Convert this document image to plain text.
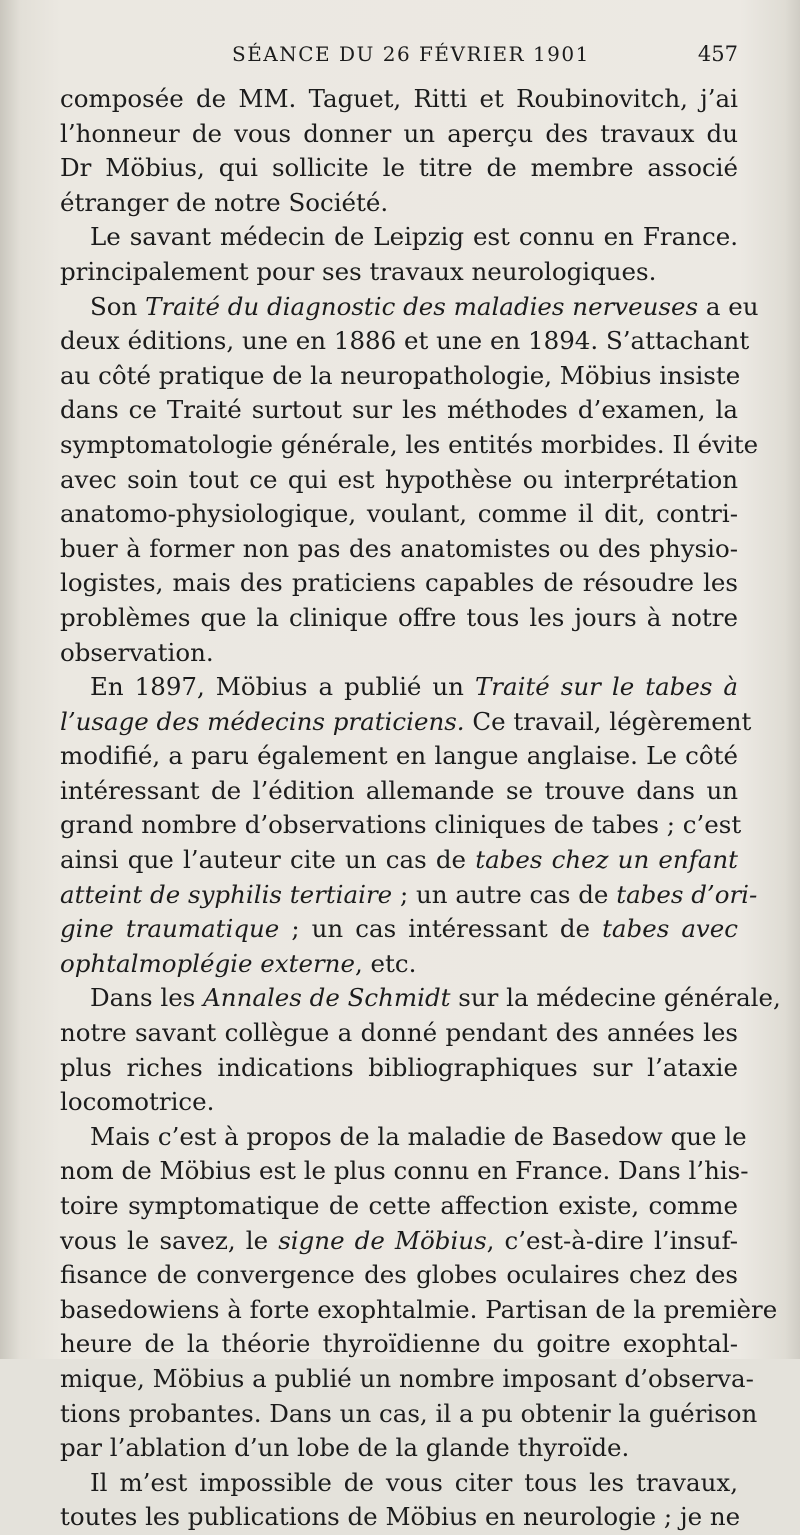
SÉANCE DU 26 FÉVRIER 1901	457
composée de MM. Taguet, Ritti et Roubinovitch, j’ai
l’honneur de vous donner un aperçu des travaux du
Dr Möbius, qui sollicite le titre de membre associé
étranger de notre Société.
Le savant médecin de Leipzig est connu en France.
principalement pour ses travaux neurologiques.
Son Traité du diagnostic des maladies nerveuses a eu
deux éditions, une en 1886 et une en 1894. S’attachant
au côté pratique de la neuropathologie, Möbius insiste
dans ce Traité surtout sur les méthodes d’examen, la
symptomatologie générale, les entités morbides. Il évite
avec soin tout ce qui est hypothèse ou interprétation
anatomo-physiologique, voulant, comme il dit, contri-
buer à former non pas des anatomistes ou des physio-
logistes, mais des praticiens capables de résoudre les
problèmes que la clinique offre tous les jours à notre
observation.
En 1897, Möbius a publié un Traité sur le tabes à
l’usage des médecins praticiens. Ce travail, légèrement
modifié, a paru également en langue anglaise. Le côté
intéressant de l’édition allemande se trouve dans un
grand nombre d’observations cliniques de tabes ; c’est
ainsi que l’auteur cite un cas de tabes chez un enfant
atteint de syphilis tertiaire ; un autre cas de tabes d’ori-
gine traumatique ; un cas intéressant de tabes avec
ophtalmoplégie externe, etc.
Dans les Annales de Schmidt sur la médecine générale,
notre savant collègue a donné pendant des années les
plus riches indications bibliographiques sur l’ataxie
locomotrice.
Mais c’est à propos de la maladie de Basedow que le
nom de Möbius est le plus connu en France. Dans l’his-
toire symptomatique de cette affection existe, comme
vous le savez, le signe de Möbius, c’est-à-dire l’insuf-
fisance de convergence des globes oculaires chez des
basedowiens à forte exophtalmie. Partisan de la première
heure de la théorie thyroïdienne du goitre exophtal-
mique, Möbius a publié un nombre imposant d’observa-
tions probantes. Dans un cas, il a pu obtenir la guérison
par l’ablation d’un lobe de la glande thyroïde.
Il m’est impossible de vous citer tous les travaux,
toutes les publications de Möbius en neurologie ; je ne
